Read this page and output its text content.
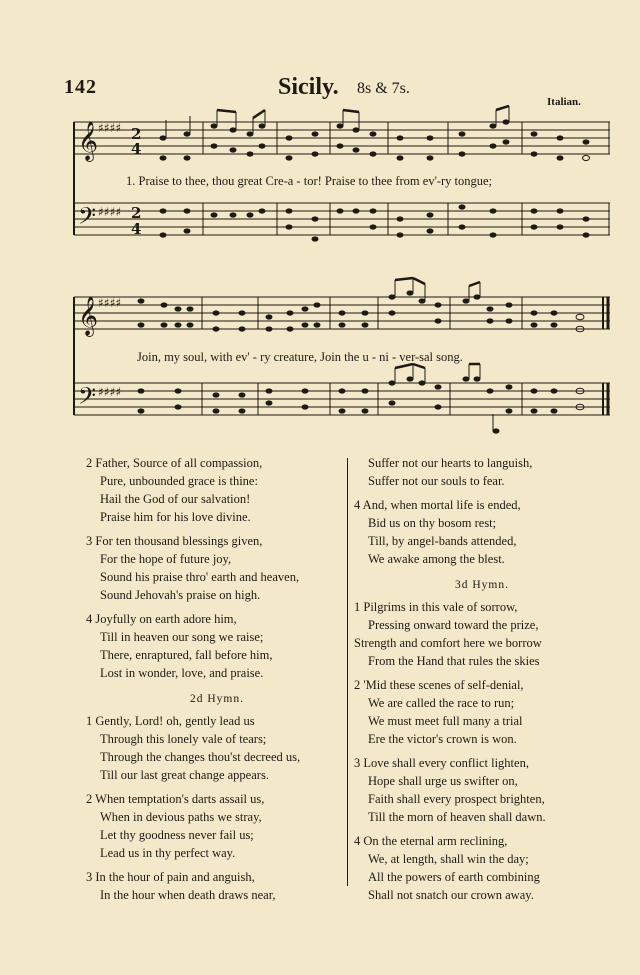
142	Sicily. 8s & 7s.
Italian.
𝄞
𝄢
𝄞
𝄢
♯♯♯♯
♯♯♯♯
♯♯♯♯
♯♯♯♯
2
4
2
4
1. Praise to thee, thou great Cre-a - tor! Praise to thee from ev'-ry tongue;
Join, my soul, with ev' - ry creature, Join the u - ni - ver-sal song.
2 Father, Source of all compassion,
Pure, unbounded grace is thine:
Hail the God of our salvation!
Praise him for his love divine.
3 For ten thousand blessings given,
For the hope of future joy,
Sound his praise thro' earth and heaven,
Sound Jehovah's praise on high.
4 Joyfully on earth adore him,
Till in heaven our song we raise;
There, enraptured, fall before him,
Lost in wonder, love, and praise.
2d Hymn.
1 Gently, Lord! oh, gently lead us
Through this lonely vale of tears;
Through the changes thou'st decreed us,
Till our last great change appears.
2 When temptation's darts assail us,
When in devious paths we stray,
Let thy goodness never fail us;
Lead us in thy perfect way.
3 In the hour of pain and anguish,
In the hour when death draws near,
Suffer not our hearts to languish,
Suffer not our souls to fear.
4 And, when mortal life is ended,
Bid us on thy bosom rest;
Till, by angel-bands attended,
We awake among the blest.
3d Hymn.
1 Pilgrims in this vale of sorrow,
Pressing onward toward the prize,
Strength and comfort here we borrow
From the Hand that rules the skies
2 'Mid these scenes of self-denial,
We are called the race to run;
We must meet full many a trial
Ere the victor's crown is won.
3 Love shall every conflict lighten,
Hope shall urge us swifter on,
Faith shall every prospect brighten,
Till the morn of heaven shall dawn.
4 On the eternal arm reclining,
We, at length, shall win the day;
All the powers of earth combining
Shall not snatch our crown away.
